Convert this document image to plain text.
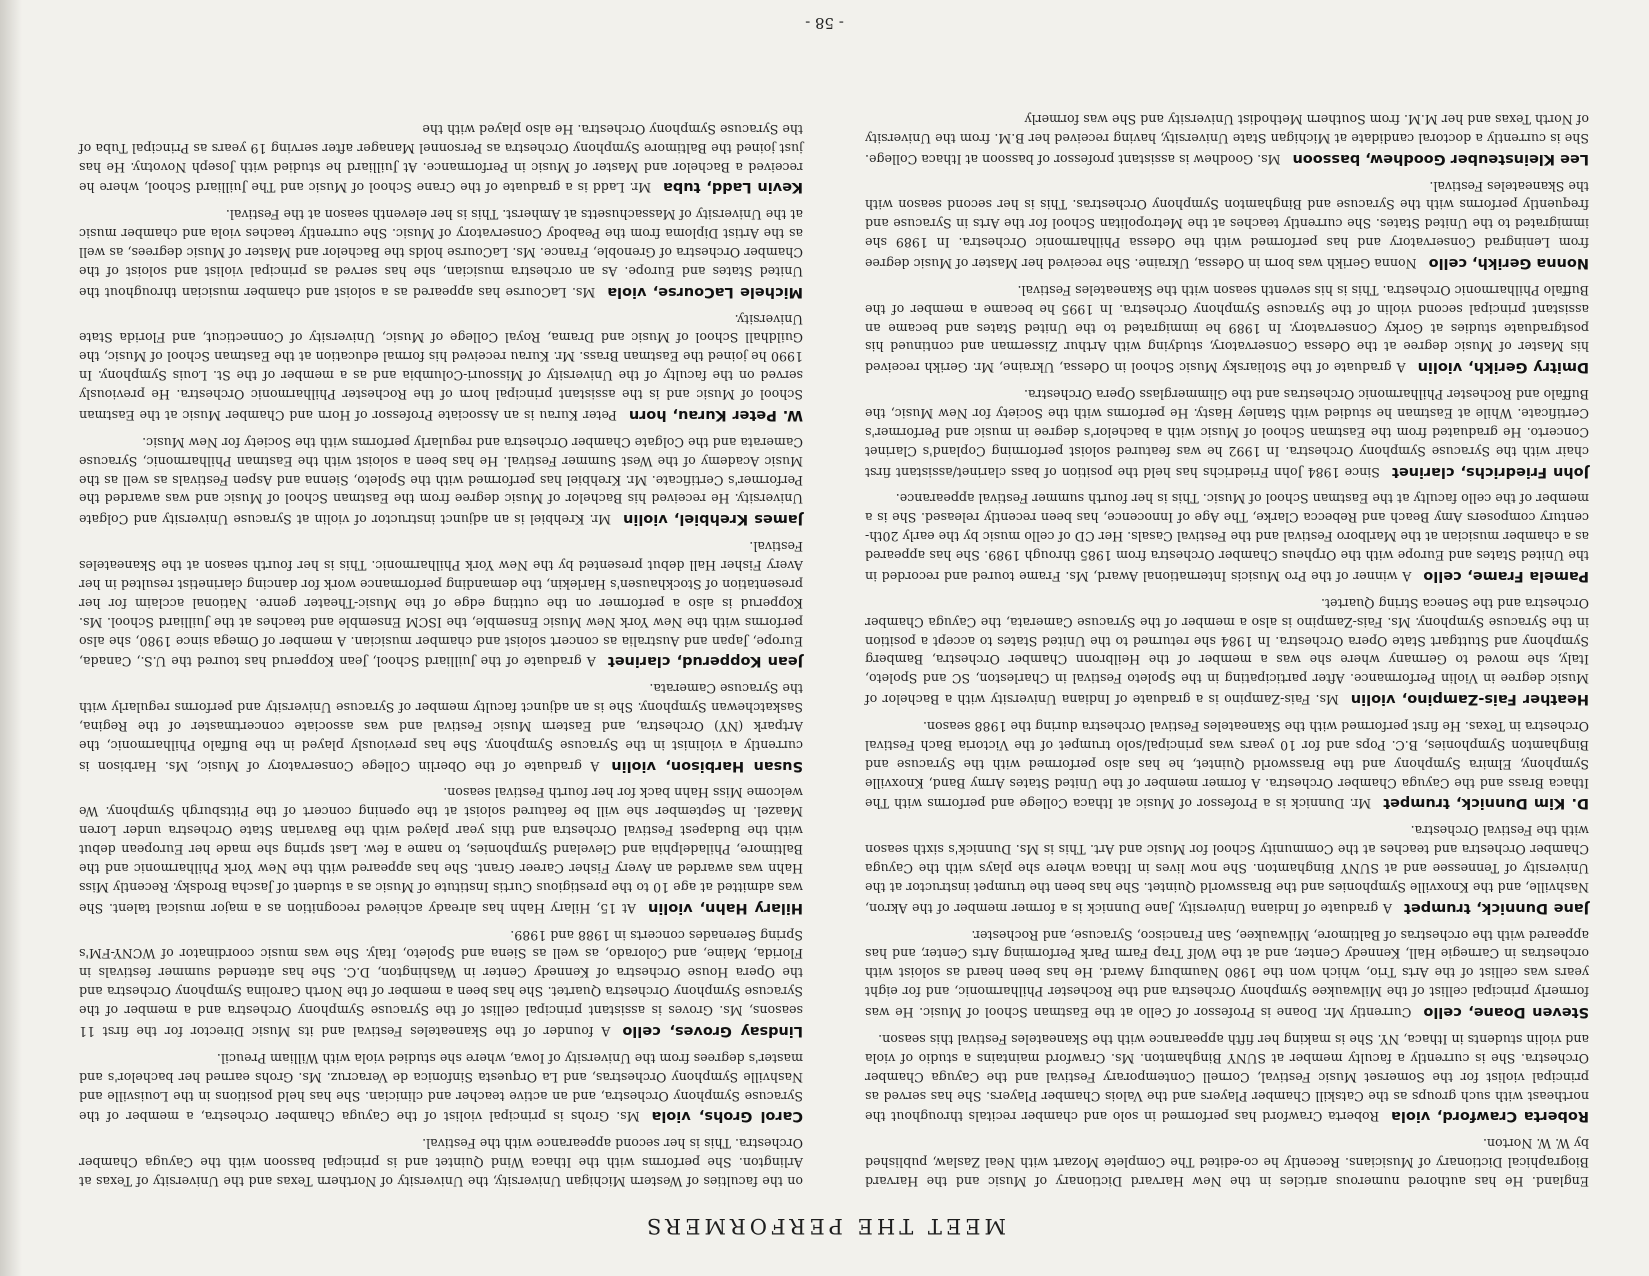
MEET THE PERFORMERS

England. He has authored numerous articles in the New Harvard Dictionary of Music and the Harvard Biographical Dictionary of Musicians. Recently he co-edited The Complete Mozart with Neal Zaslaw, published by W. W. Norton.

Roberta Crawford, violaRoberta Crawford has performed in solo and chamber recitals throughout the northeast with such groups as the Catskill Chamber Players and the Valois Chamber Players. She has served as principal violist for the Somerset Music Festival, Cornell Contemporary Festival and the Cayuga Chamber Orchestra. She is currently a faculty member at SUNY Binghamton. Ms. Crawford maintains a studio of viola and violin students in Ithaca, NY. She is making her fifth appearance with the Skaneateles Festival this season.

Steven Doane, celloCurrently Mr. Doane is Professor of Cello at the Eastman School of Music. He was formerly principal cellist of the Milwaukee Symphony Orchestra and the Rochester Philharmonic, and for eight years was cellist of the Arts Trio, which won the 1980 Naumburg Award. He has been heard as soloist with orchestras in Carnegie Hall, Kennedy Center, and at the Wolf Trap Farm Park Performing Arts Center, and has appeared with the orchestras of Baltimore, Milwaukee, San Francisco, Syracuse, and Rochester.

Jane Dunnick, trumpetA graduate of Indiana University, Jane Dunnick is a former member of the Akron, Nashville, and the Knoxville Symphonies and the Brassworld Quintet. She has been the trumpet instructor at the University of Tennessee and at SUNY Binghamton. She now lives in Ithaca where she plays with the Cayuga Chamber Orchestra and teaches at the Community School for Music and Art. This is Ms. Dunnick's sixth season with the Festival Orchestra.

D. Kim Dunnick, trumpetMr. Dunnick is a Professor of Music at Ithaca College and performs with The Ithaca Brass and the Cayuga Chamber Orchestra. A former member of the United States Army Band, Knoxville Symphony, Elmira Symphony and the Brassworld Quintet, he has also performed with the Syracuse and Binghamton Symphonies, B.C. Pops and for 10 years was principal/solo trumpet of the Victoria Bach Festival Orchestra in Texas. He first performed with the Skaneateles Festival Orchestra during the 1988 season.

Heather Fais-Zampino, violinMs. Fais-Zampino is a graduate of Indiana University with a Bachelor of Music degree in Violin Performance. After participating in the Spoleto Festival in Charleston, SC and Spoleto, Italy, she moved to Germany where she was a member of the Heilbronn Chamber Orchestra, Bamberg Symphony and Stuttgart State Opera Orchestra. In 1984 she returned to the United States to accept a position in the Syracuse Symphony. Ms. Fais-Zampino is also a member of the Syracuse Camerata, the Cayuga Chamber Orchestra and the Seneca String Quartet.

Pamela Frame, celloA winner of the Pro Musicis International Award, Ms. Frame toured and recorded in the United States and Europe with the Orpheus Chamber Orchestra from 1985 through 1989. She has appeared as a chamber musician at the Marlboro Festival and the Festival Casals. Her CD of cello music by the early 20th-century composers Amy Beach and Rebecca Clarke, The Age of Innocence, has been recently released. She is a member of the cello faculty at the Eastman School of Music. This is her fourth summer Festival appearance.

John Friedrichs, clarinetSince 1984 John Friedrichs has held the position of bass clarinet/assistant first chair with the Syracuse Symphony Orchestra. In 1992 he was featured soloist performing Copland's Clarinet Concerto. He graduated from the Eastman School of Music with a bachelor's degree in music and Performer's Certificate. While at Eastman he studied with Stanley Hasty. He performs with the Society for New Music, the Buffalo and Rochester Philharmonic Orchestras and the Glimmerglass Opera Orchestra.

Dmitry Gerikh, violinA graduate of the Stoliarsky Music School in Odessa, Ukraine, Mr. Gerikh received his Master of Music degree at the Odessa Conservatory, studying with Arthur Zisserman and continued his postgraduate studies at Gorky Conservatory. In 1989 he immigrated to the United States and became an assistant principal second violin of the Syracuse Symphony Orchestra. In 1995 he became a member of the Buffalo Philharmonic Orchestra. This is his seventh season with the Skaneateles Festival.

Nonna Gerikh, celloNonna Gerikh was born in Odessa, Ukraine. She received her Master of Music degree from Leningrad Conservatory and has performed with the Odessa Philharmonic Orchestra. In 1989 she immigrated to the United States. She currently teaches at the Metropolitan School for the Arts in Syracuse and frequently performs with the Syracuse and Binghamton Symphony Orchestras. This is her second season with the Skaneateles Festival.

Lee Kleinsteuber Goodhew, bassoonMs. Goodhew is assistant professor of bassoon at Ithaca College. She is currently a doctoral candidate at Michigan State University, having received her B.M. from the University of North Texas and her M.M. from Southern Methodist University and She was formerly

on the faculties of Western Michigan University, the University of Northern Texas and the University of Texas at Arlington. She performs with the Ithaca Wind Quintet and is principal bassoon with the Cayuga Chamber Orchestra. This is her second appearance with the Festival.

Carol Grohs, violaMs. Grohs is principal violist of the Cayuga Chamber Orchestra, a member of the Syracuse Symphony Orchestra, and an active teacher and clinician. She has held positions in the Louisville and Nashville Symphony Orchestras, and La Orquesta Sinfonica de Veracruz. Ms. Grohs earned her bachelor's and master's degrees from the University of Iowa, where she studied viola with William Preucil.

Lindsay Groves, celloA founder of the Skaneateles Festival and its Music Director for the first 11 seasons, Ms. Groves is assistant principal cellist of the Syracuse Symphony Orchestra and a member of the Syracuse Symphony Orchestra Quartet. She has been a member of the North Carolina Symphony Orchestra and the Opera House Orchestra of Kennedy Center in Washington, D.C. She has attended summer festivals in Florida, Maine, and Colorado, as well as Siena and Spoleto, Italy. She was music coordinator of WCNY-FM's Spring Serenades concerts in 1988 and 1989.

Hilary Hahn, violinAt 15, Hilary Hahn has already achieved recognition as a major musical talent. She was admitted at age 10 to the prestigious Curtis Institute of Music as a student of Jascha Brodsky. Recently Miss Hahn was awarded an Avery Fisher Career Grant. She has appeared with the New York Philharmonic and the Baltimore, Philadelphia and Cleveland Symphonies, to name a few. Last spring she made her European debut with the Budapest Festival Orchestra and this year played with the Bavarian State Orchestra under Loren Maazel. In September she will be featured soloist at the opening concert of the Pittsburgh Symphony. We welcome Miss Hahn back for her fourth Festival season.

Susan Harbison, violinA graduate of the Oberlin College Conservatory of Music, Ms. Harbison is currently a violinist in the Syracuse Symphony. She has previously played in the Buffalo Philharmonic, the Artpark (NY) Orchestra, and Eastern Music Festival and was associate concertmaster of the Regina, Saskatchewan Symphony. She is an adjunct faculty member of Syracuse University and performs regularly with the Syracuse Camerata.

Jean Kopperud, clarinetA graduate of the Juilliard School, Jean Kopperud has toured the U.S., Canada, Europe, Japan and Australia as concert soloist and chamber musician. A member of Omega since 1980, she also performs with the New York New Music Ensemble, the ISCM Ensemble and teaches at the Juilliard School. Ms. Kopperud is also a performer on the cutting edge of the Music-Theater genre. National acclaim for her presentation of Stockhausen's Harlekin, the demanding performance work for dancing clarinetist resulted in her Avery Fisher Hall debut presented by the New York Philharmonic. This is her fourth season at the Skaneateles Festival.

James Krehbiel, violinMr. Krehbiel is an adjunct instructor of violin at Syracuse University and Colgate University. He received his Bachelor of Music degree from the Eastman School of Music and was awarded the Performer's Certificate. Mr. Krehbiel has performed with the Spoleto, Sienna and Aspen Festivals as well as the Music Academy of the West Summer Festival. He has been a soloist with the Eastman Philharmonic, Syracuse Camerata and the Colgate Chamber Orchestra and regularly performs with the Society for New Music.

W. Peter Kurau, hornPeter Kurau is an Associate Professor of Horn and Chamber Music at the Eastman School of Music and is the assistant principal horn of the Rochester Philharmonic Orchestra. He previously served on the faculty of the University of Missouri-Columbia and as a member of the St. Louis Symphony. In 1990 he joined the Eastman Brass. Mr. Kurau received his formal education at the Eastman School of Music, the Guildhall School of Music and Drama, Royal College of Music, University of Connecticut, and Florida State University.

Michele LaCourse, violaMs. LaCourse has appeared as a soloist and chamber musician throughout the United States and Europe. As an orchestra musician, she has served as principal violist and soloist of the Chamber Orchestra of Grenoble, France. Ms. LaCourse holds the Bachelor and Master of Music degrees, as well as the Artist Diploma from the Peabody Conservatory of Music. She currently teaches viola and chamber music at the University of Massachusetts at Amherst. This is her eleventh season at the Festival.

Kevin Ladd, tubaMr. Ladd is a graduate of the Crane School of Music and The Juilliard School, where he received a Bachelor and Master of Music in Performance. At Juilliard he studied with Joseph Novotny. He has just joined the Baltimore Symphony Orchestra as Personnel Manager after serving 19 years as Principal Tuba of the Syracuse Symphony Orchestra. He also played with the

- 58 -
